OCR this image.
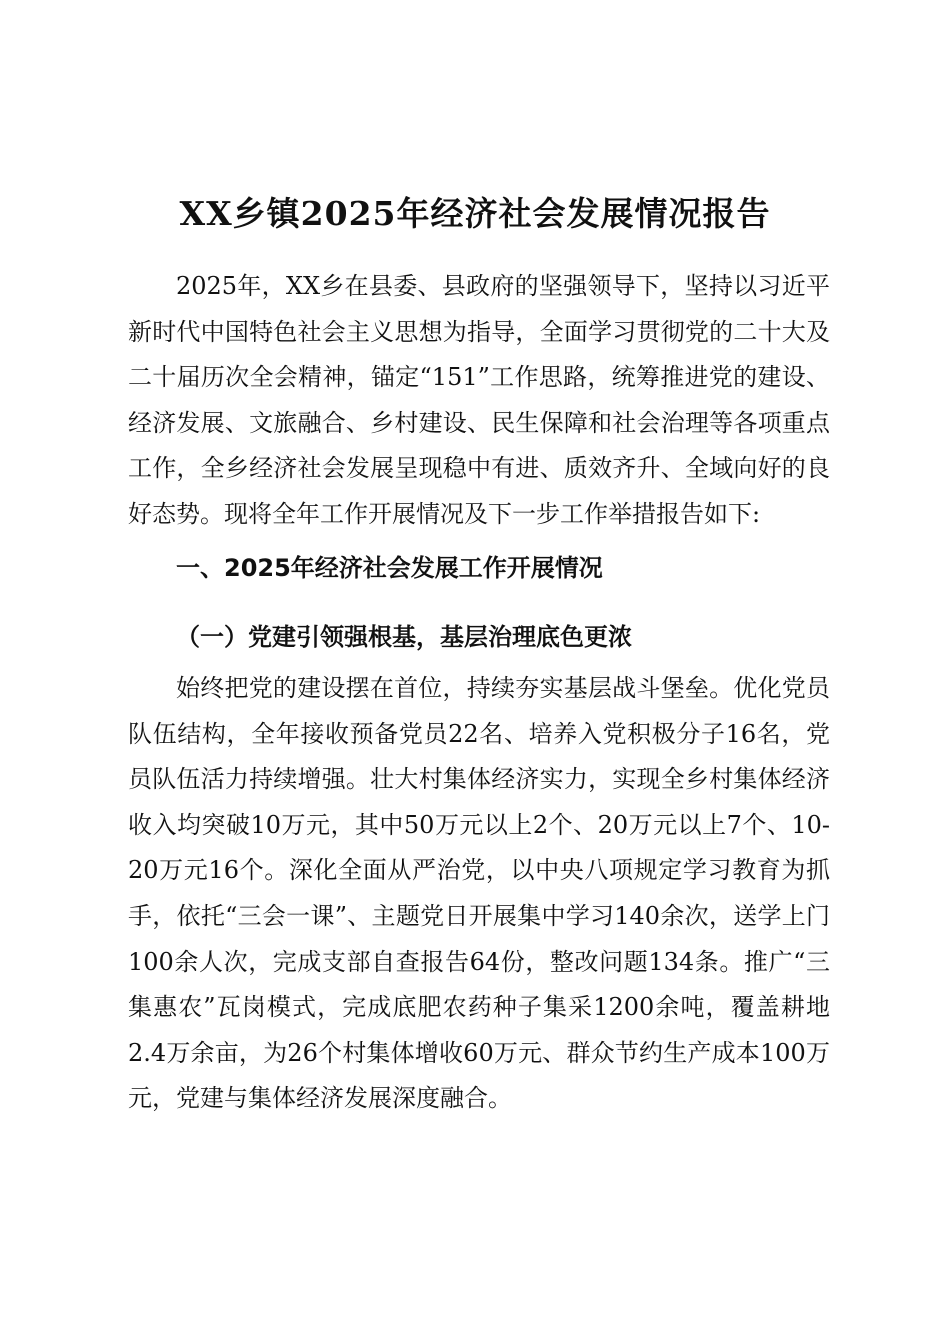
XX乡镇2025年经济社会发展情况报告

2025年，XX乡在县委、县政府的坚强领导下，坚持以习近平新时代中国特色社会主义思想为指导，全面学习贯彻党的二十大及二十届历次全会精神，锚定“151”工作思路，统筹推进党的建设、经济发展、文旅融合、乡村建设、民生保障和社会治理等各项重点工作，全乡经济社会发展呈现稳中有进、质效齐升、全域向好的良好态势。现将全年工作开展情况及下一步工作举措报告如下:

一、2025年经济社会发展工作开展情况
（一）党建引领强根基，基层治理底色更浓

始终把党的建设摆在首位，持续夯实基层战斗堡垒。优化党员队伍结构，全年接收预备党员22名、培养入党积极分子16名，党员队伍活力持续增强。壮大村集体经济实力，实现全乡村集体经济收入均突破10万元，其中50万元以上2个、20万元以上7个、10-20万元16个。深化全面从严治党，以中央八项规定学习教育为抓手，依托“三会一课”、主题党日开展集中学习140余次，送学上门100余人次，完成支部自查报告64份，整改问题134条。推广“三集惠农”瓦岗模式，完成底肥农药种子集采1200余吨，覆盖耕地2.4万余亩，为26个村集体增收60万元、群众节约生产成本100万元，党建与集体经济发展深度融合。
